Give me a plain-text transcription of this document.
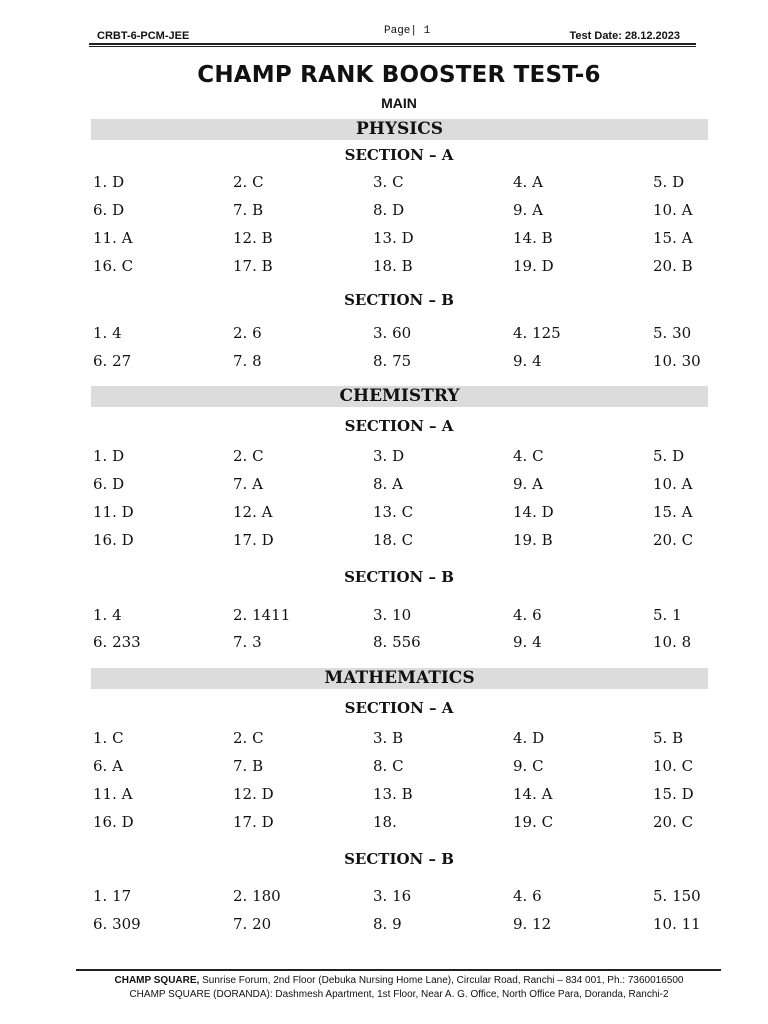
CRBT-6-PCM-JEE	Page| 1	Test Date: 28.12.2023
CHAMP RANK BOOSTER TEST-6
MAIN
PHYSICS
SECTION – A
1. D	2. C	3. C	4. A	5. D
6. D	7. B	8. D	9. A	10. A
11. A	12. B	13. D	14. B	15. A
16. C	17. B	18. B	19. D	20. B
SECTION – B
1. 4	2. 6	3. 60	4. 125	5. 30
6. 27	7. 8	8. 75	9. 4	10. 30
CHEMISTRY
SECTION – A
1. D	2. C	3. D	4. C	5. D
6. D	7. A	8. A	9. A	10. A
11. D	12. A	13. C	14. D	15. A
16. D	17. D	18. C	19. B	20. C
SECTION – B
1. 4	2. 1411	3. 10	4. 6	5. 1
6. 233	7. 3	8. 556	9. 4	10. 8
MATHEMATICS
SECTION – A
1. C	2. C	3. B	4. D	5. B
6. A	7. B	8. C	9. C	10. C
11. A	12. D	13. B	14. A	15. D
16. D	17. D	18.	19. C	20. C
SECTION – B
1. 17	2. 180	3. 16	4. 6	5. 150
6. 309	7. 20	8. 9	9. 12	10. 11
CHAMP SQUARE, Sunrise Forum, 2nd Floor (Debuka Nursing Home Lane), Circular Road, Ranchi – 834 001, Ph.: 7360016500
CHAMP SQUARE (DORANDA): Dashmesh Apartment, 1st Floor, Near A. G. Office, North Office Para, Doranda, Ranchi-2
